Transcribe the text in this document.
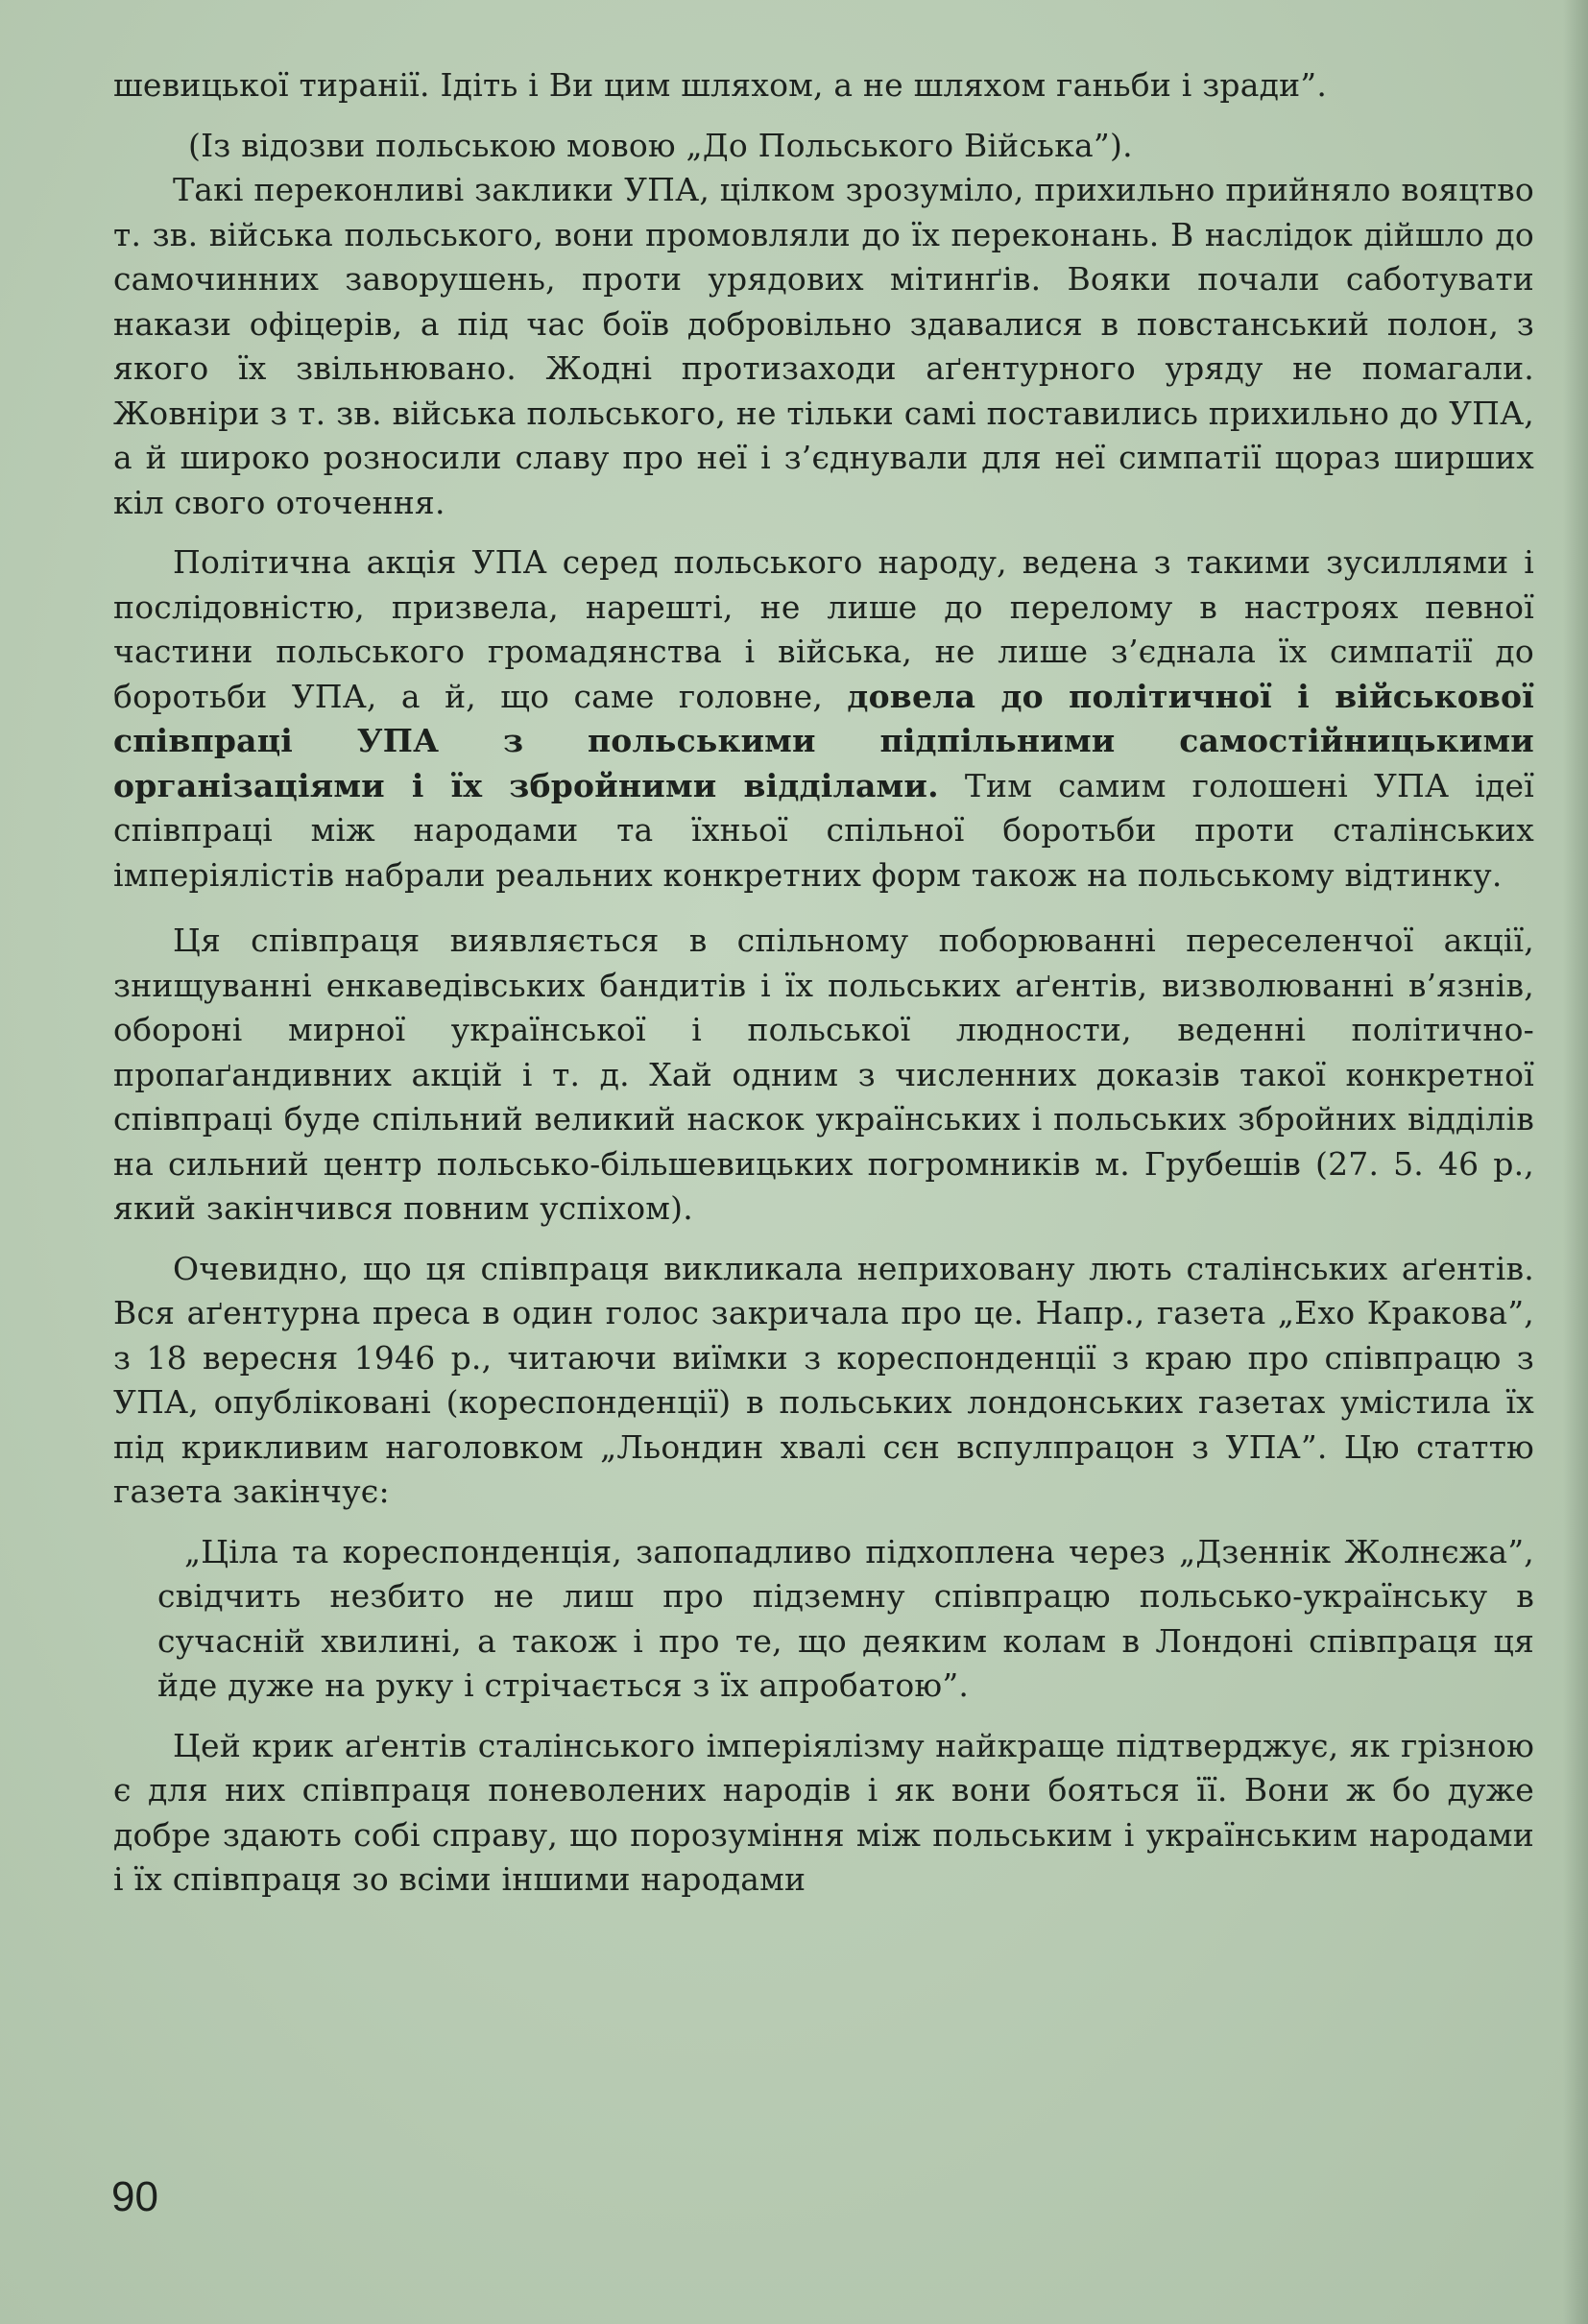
шевицької тиранії. Ідіть і Ви цим шляхом, а не шляхом ганьби і зради”.

(Із відозви польською мовою „До Польського Війська”).

Такі переконливі заклики УПА, цілком зрозуміло, прихильно прийняло вояцтво т. зв. війська польського, вони промовляли до їх переконань. В наслідок дійшло до самочинних заворушень, проти урядових мітинґів. Вояки почали саботувати накази офіцерів, а під час боїв добровільно здавалися в повстанський полон, з якого їх звільнювано. Жодні протизаходи аґентурного уряду не помагали. Жовніри з т. зв. війська польського, не тільки самі поставились прихильно до УПА, а й широко розносили славу про неї і з’єднували для неї симпатії щораз ширших кіл свого оточення.

Політична акція УПА серед польського народу, ведена з такими зусиллями і послідовністю, призвела, нарешті, не лише до перелому в настроях певної частини польського громадянства і війська, не лише з’єднала їх симпатії до боротьби УПА, а й, що саме головне, довела до політичної і військової співпраці УПА з польськими підпільними самостійницькими організаціями і їх збройними відділами. Тим самим голошені УПА ідеї співпраці між народами та їхньої спільної боротьби проти сталінських імперіялістів набрали реальних конкретних форм також на польському відтинку.

Ця співпраця виявляється в спільному поборюванні переселенчої акції, знищуванні енкаведівських бандитів і їх польських аґентів, визволюванні в’язнів, обороні мирної української і польської людности, веденні політично-пропаґандивних акцій і т. д. Хай одним з численних доказів такої конкретної співпраці буде спільний великий наскок українських і польських збройних відділів на сильний центр польсько-більшевицьких погромників м. Грубешів (27. 5. 46 р., який закінчився повним успіхом).

Очевидно, що ця співпраця викликала неприховану лють сталінських аґентів. Вся аґентурна преса в один голос закричала про це. Напр., газета „Ехо Кракова”, з 18 вересня 1946 р., читаючи виїмки з кореспонденції з краю про співпрацю з УПА, опубліковані (кореспонденції) в польських лондонських газетах умістила їх під крикливим наголовком „Льондин хвалі сєн вспулпрацон з УПА”. Цю статтю газета закінчує:

„Ціла та кореспонденція, запопадливо підхоплена через „Дзеннік Жолнєжа”, свідчить незбито не лиш про підземну співпрацю польсько-українську в сучасній хвилині, а також і про те, що деяким колам в Лондоні співпраця ця йде дуже на руку і стрічається з їх апробатою”.

Цей крик аґентів сталінського імперіялізму найкраще підтверджує, як грізною є для них співпраця поневолених народів і як вони бояться її. Вони ж бо дуже добре здають собі справу, що порозуміння між польським і українським народами і їх співпраця зо всіми іншими народами

90
